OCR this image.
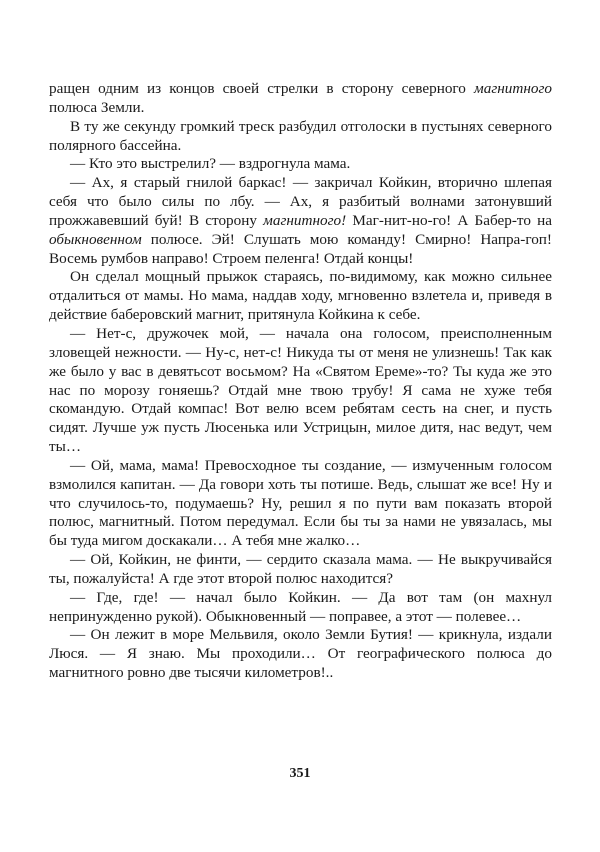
ращен одним из концов своей стрелки в сторону северного магнитного полюса Земли.

В ту же секунду громкий треск разбудил отголоски в пустынях северного полярного бассейна.

— Кто это выстрелил? — вздрогнула мама.

— Ах, я старый гнилой баркас! — закричал Койкин, вторично шлепая себя что было силы по лбу. — Ах, я разбитый волнами затонувший прожжавевший буй! В сторону магнитного! Маг-нит-но-го! А Бабер-то на обыкновенном полюсе. Эй! Слушать мою команду! Смирно! Напра-гоп! Восемь румбов направо! Строем пеленга! Отдай концы!

Он сделал мощный прыжок стараясь, по-видимому, как можно сильнее отдалиться от мамы. Но мама, наддав ходу, мгновенно взлетела и, приведя в действие баберовский магнит, притянула Койкина к себе.

— Нет-с, дружочек мой, — начала она голосом, преисполненным зловещей нежности. — Ну-с, нет-с! Никуда ты от меня не улизнешь! Так как же было у вас в девятьсот восьмом? На «Святом Ереме»-то? Ты куда же это нас по морозу гоняешь? Отдай мне твою трубу! Я сама не хуже тебя скомандую. Отдай компас! Вот велю всем ребятам сесть на снег, и пусть сидят. Лучше уж пусть Люсенька или Устрицын, милое дитя, нас ведут, чем ты…

— Ой, мама, мама! Превосходное ты создание, — измученным голосом взмолился капитан. — Да говори хоть ты потише. Ведь, слышат же все! Ну и что случилось-то, подумаешь? Ну, решил я по пути вам показать второй полюс, магнитный. Потом передумал. Если бы ты за нами не увязалась, мы бы туда мигом доскакали… А тебя мне жалко…

— Ой, Койкин, не финти, — сердито сказала мама. — Не выкручивайся ты, пожалуйста! А где этот второй полюс находится?

— Где, где! — начал было Койкин. — Да вот там (он махнул непринужденно рукой). Обыкновенный — поправее, а этот — полевее…

— Он лежит в море Мельвиля, около Земли Бутия! — крикнула, издали Люся. — Я знаю. Мы проходили… От географического полюса до магнитного ровно две тысячи километров!..

351
